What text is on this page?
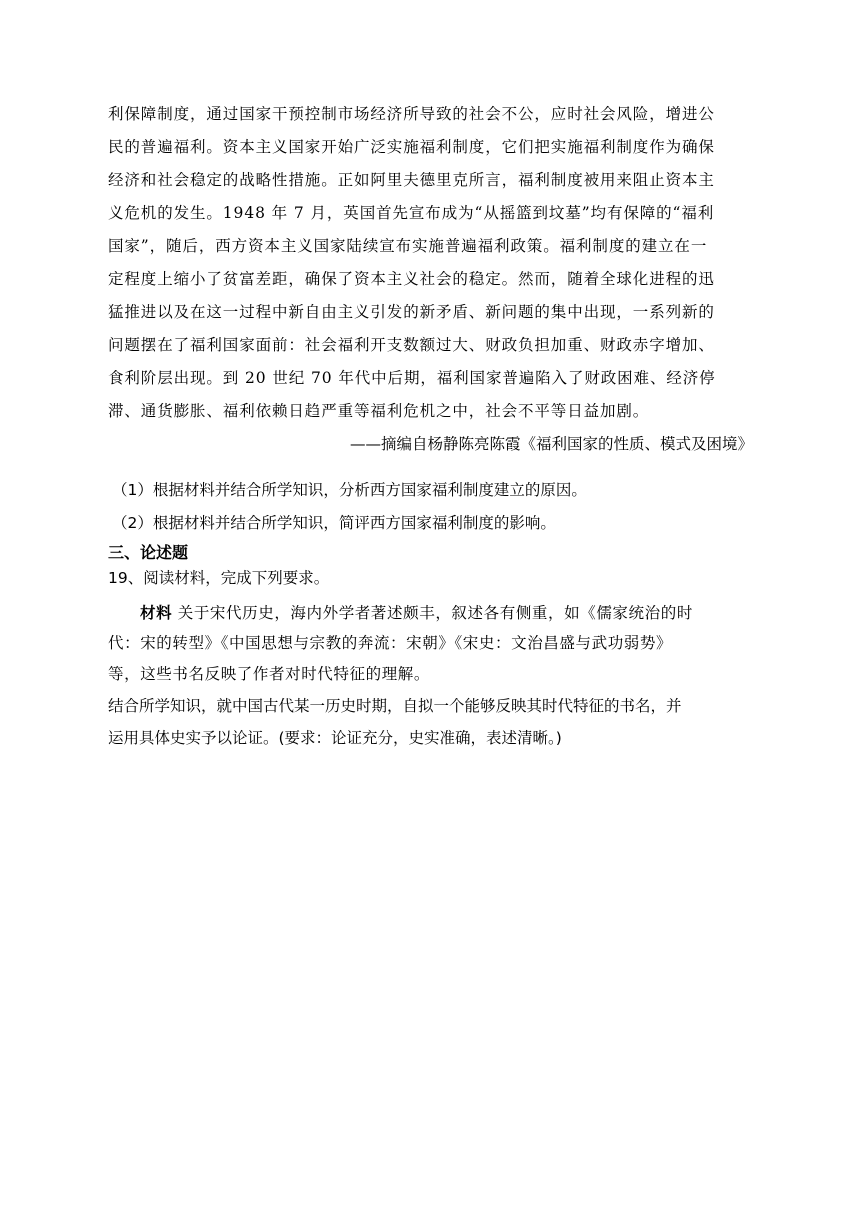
利保障制度，通过国家干预控制市场经济所导致的社会不公，应时社会风险，增进公
民的普遍福利。资本主义国家开始广泛实施福利制度，它们把实施福利制度作为确保
经济和社会稳定的战略性措施。正如阿里夫德里克所言，福利制度被用来阻止资本主
义危机的发生。1948 年 7 月，英国首先宣布成为“从摇篮到坟墓”均有保障的“福利
国家”，随后，西方资本主义国家陆续宣布实施普遍福利政策。福利制度的建立在一
定程度上缩小了贫富差距，确保了资本主义社会的稳定。然而，随着全球化进程的迅
猛推进以及在这一过程中新自由主义引发的新矛盾、新问题的集中出现，一系列新的
问题摆在了福利国家面前：社会福利开支数额过大、财政负担加重、财政赤字增加、
食利阶层出现。到 20 世纪 70 年代中后期，福利国家普遍陷入了财政困难、经济停
滞、通货膨胀、福利依赖日趋严重等福利危机之中，社会不平等日益加剧。
——摘编自杨静陈亮陈霞《福利国家的性质、模式及困境》
（1）根据材料并结合所学知识，分析西方国家福利制度建立的原因。
（2）根据材料并结合所学知识，简评西方国家福利制度的影响。
三、论述题
19、阅读材料，完成下列要求。
材料 关于宋代历史，海内外学者著述颇丰，叙述各有侧重，如《儒家统治的时
代：宋的转型》《中国思想与宗教的奔流：宋朝》《宋史：文治昌盛与武功弱势》
等，这些书名反映了作者对时代特征的理解。
结合所学知识，就中国古代某一历史时期，自拟一个能够反映其时代特征的书名，并
运用具体史实予以论证。(要求：论证充分，史实准确，表述清晰。)
